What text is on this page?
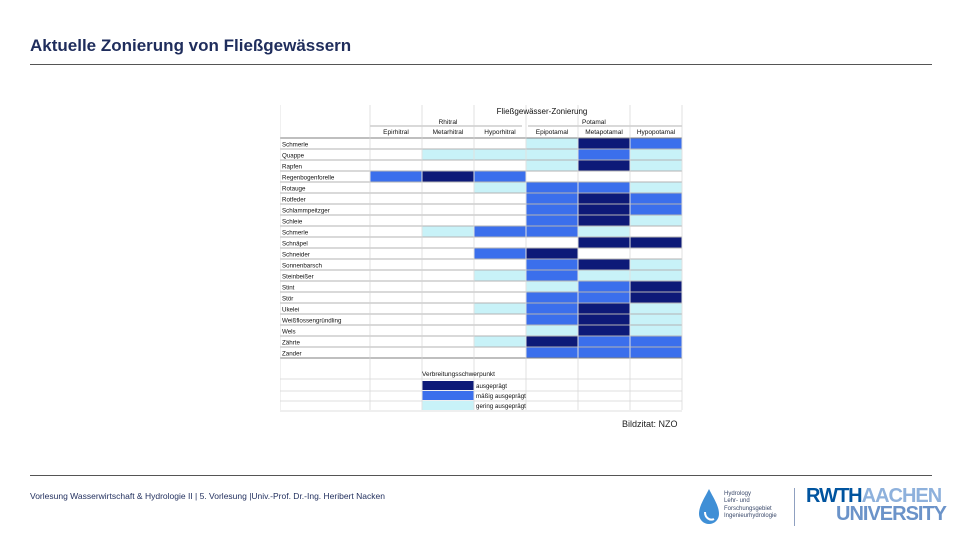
Aktuelle Zonierung von Fließgewässern
Fließgewässer-Zonierung
Rhitral	Potamal
Epirhitral	Metarhitral	Hyporhitral	Epipotamal	Metapotamal Hypopotamal
Schmerle
Quappe
Rapfen
Regenbogenforelle
Rotauge
Rotfeder
Schlammpeitzger
Schleie
Schmerle
Schnäpel
Schneider
Sonnenbarsch
Steinbeißer
Stint
Stör
Ukelei
Weißflossengründling
Wels
Zährte
Zander
Verbreitungsschwerpunkt
ausgeprägt
mäßig ausgeprägt
gering ausgeprägt
Bildzitat: NZO
Vorlesung Wasserwirtschaft & Hydrologie II | 5. Vorlesung |Univ.-Prof. Dr.-Ing. Heribert Nacken	Hydrology
Lehr- und
Forschungsgebiet
Ingenieurhydrologie
RWTHAACHEN
UNIVERSITY
